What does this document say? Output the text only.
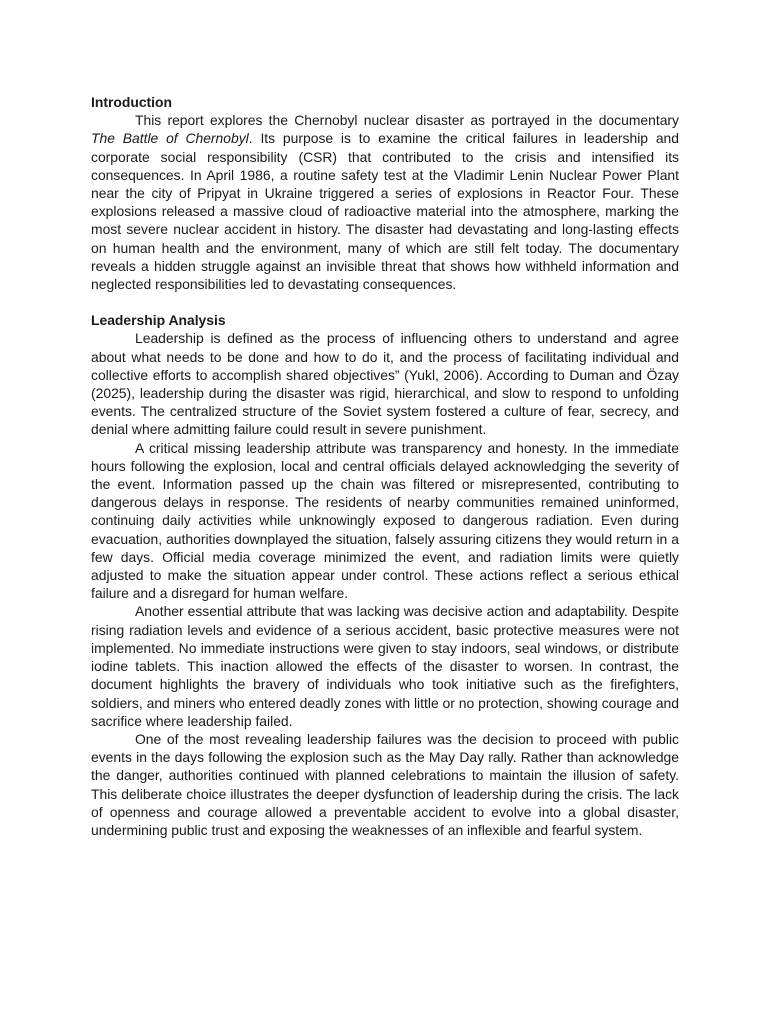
Introduction

This report explores the Chernobyl nuclear disaster as portrayed in the documentary The Battle of Chernobyl. Its purpose is to examine the critical failures in leadership and corporate social responsibility (CSR) that contributed to the crisis and intensified its consequences. In April 1986, a routine safety test at the Vladimir Lenin Nuclear Power Plant near the city of Pripyat in Ukraine triggered a series of explosions in Reactor Four. These explosions released a massive cloud of radioactive material into the atmosphere, marking the most severe nuclear accident in history. The disaster had devastating and long-lasting effects on human health and the environment, many of which are still felt today. The documentary reveals a hidden struggle against an invisible threat that shows how withheld information and neglected responsibilities led to devastating consequences.

Leadership Analysis

Leadership is defined as the process of influencing others to understand and agree about what needs to be done and how to do it, and the process of facilitating individual and collective efforts to accomplish shared objectives” (Yukl, 2006). According to Duman and Özay (2025), leadership during the disaster was rigid, hierarchical, and slow to respond to unfolding events. The centralized structure of the Soviet system fostered a culture of fear, secrecy, and denial where admitting failure could result in severe punishment.

A critical missing leadership attribute was transparency and honesty. In the immediate hours following the explosion, local and central officials delayed acknowledging the severity of the event. Information passed up the chain was filtered or misrepresented, contributing to dangerous delays in response. The residents of nearby communities remained uninformed, continuing daily activities while unknowingly exposed to dangerous radiation. Even during evacuation, authorities downplayed the situation, falsely assuring citizens they would return in a few days. Official media coverage minimized the event, and radiation limits were quietly adjusted to make the situation appear under control. These actions reflect a serious ethical failure and a disregard for human welfare.

Another essential attribute that was lacking was decisive action and adaptability. Despite rising radiation levels and evidence of a serious accident, basic protective measures were not implemented. No immediate instructions were given to stay indoors, seal windows, or distribute iodine tablets. This inaction allowed the effects of the disaster to worsen. In contrast, the document highlights the bravery of individuals who took initiative such as the firefighters, soldiers, and miners who entered deadly zones with little or no protection, showing courage and sacrifice where leadership failed.

One of the most revealing leadership failures was the decision to proceed with public events in the days following the explosion such as the May Day rally. Rather than acknowledge the danger, authorities continued with planned celebrations to maintain the illusion of safety. This deliberate choice illustrates the deeper dysfunction of leadership during the crisis. The lack of openness and courage allowed a preventable accident to evolve into a global disaster, undermining public trust and exposing the weaknesses of an inflexible and fearful system.
